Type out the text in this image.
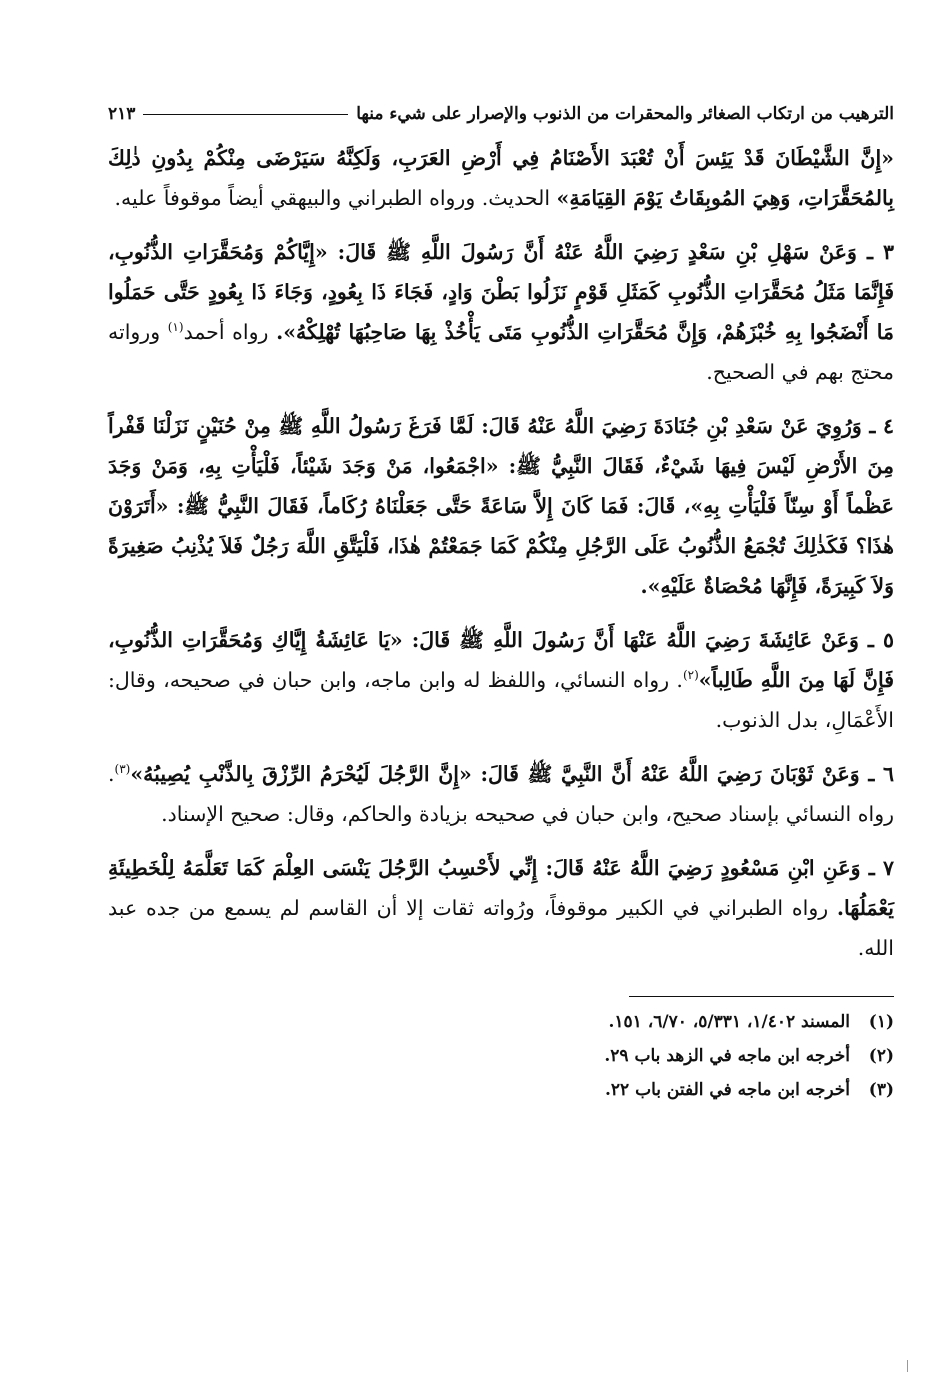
الترهيب من ارتكاب الصغائر والمحقرات من الذنوب والإصرار على شيء منها
٢١٣

«إِنَّ الشَّيْطَانَ قَدْ يَئِسَ أَنْ تُعْبَدَ الأَصْنَامُ فِي أَرْضِ العَرَبِ، وَلَكِنَّهُ سَيَرْضَى مِنْكُمْ بِدُونِ ذٰلِكَ بِالمُحَقَّرَاتِ، وَهِيَ المُوبِقَاتُ يَوْمَ القِيَامَةِ» الحديث. ورواه الطبراني والبيهقي أيضاً موقوفاً عليه.

٣ ـ وَعَنْ سَهْلِ بْنِ سَعْدٍ رَضِيَ اللَّهُ عَنْهُ أَنَّ رَسُولَ اللَّهِ ﷺ قَالَ: «إِيَّاكُمْ وَمُحَقَّرَاتِ الذُّنُوبِ، فَإِنَّمَا مَثَلُ مُحَقَّرَاتِ الذُّنُوبِ كَمَثَلِ قَوْمٍ نَزَلُوا بَطْنَ وَادٍ، فَجَاءَ ذَا بِعُودٍ، وَجَاءَ ذَا بِعُودٍ حَتَّى حَمَلُوا مَا أَنْضَجُوا بِهِ خُبْزَهُمْ، وَإِنَّ مُحَقَّرَاتِ الذُّنُوبِ مَتَى يَأْخُذْ بِهَا صَاحِبُهَا تُهْلِكْهُ». رواه أحمد$^{(١)}$ ورواته محتج بهم في الصحيح.

٤ ـ وَرُوِيَ عَنْ سَعْدِ بْنِ جُنَادَةَ رَضِيَ اللَّهُ عَنْهُ قَالَ: لَمَّا فَرَغَ رَسُولُ اللَّهِ ﷺ مِنْ حُنَيْنٍ نَزَلْنَا قَفْراً مِنَ الأَرْضِ لَيْسَ فِيهَا شَيْءٌ، فَقَالَ النَّبِيُّ ﷺ: «اجْمَعُوا، مَنْ وَجَدَ شَيْئاً، فَلْيَأْتِ بِهِ، وَمَنْ وَجَدَ عَظْماً أَوْ سِنّاً فَلْيَأْتِ بِهِ»، قَالَ: فَمَا كَانَ إِلاَّ سَاعَةً حَتَّى جَعَلْنَاهُ رُكَاماً، فَقَالَ النَّبِيُّ ﷺ: «أَتَرَوْنَ هٰذَا؟ فَكَذٰلِكَ تُجْمَعُ الذُّنُوبُ عَلَى الرَّجُلِ مِنْكُمْ كَمَا جَمَعْتُمْ هٰذَا، فَلْيَتَّقِ اللَّهَ رَجُلٌ فَلاَ يُذْنِبُ صَغِيرَةً وَلاَ كَبِيرَةً، فَإِنَّهَا مُحْصَاةٌ عَلَيْهِ».

٥ ـ وَعَنْ عَائِشَةَ رَضِيَ اللَّهُ عَنْهَا أَنَّ رَسُولَ اللَّهِ ﷺ قَالَ: «يَا عَائِشَةُ إِيَّاكِ وَمُحَقَّرَاتِ الذُّنُوبِ، فَإِنَّ لَهَا مِنَ اللَّهِ طَالِباً»$^{(٢)}$. رواه النسائي، واللفظ له وابن ماجه، وابن حبان في صحيحه، وقال: الأَعْمَالِ، بدل الذنوب.

٦ ـ وَعَنْ ثَوْبَانَ رَضِيَ اللَّهُ عَنْهُ أَنَّ النَّبِيَّ ﷺ قَالَ: «إِنَّ الرَّجُلَ لَيُحْرَمُ الرِّزْقَ بِالذَّنْبِ يُصِيبُهُ»$^{(٣)}$. رواه النسائي بإسناد صحيح، وابن حبان في صحيحه بزيادة والحاكم، وقال: صحيح الإسناد.

٧ ـ وَعَنِ ابْنِ مَسْعُودٍ رَضِيَ اللَّهُ عَنْهُ قَالَ: إِنِّي لأَحْسِبُ الرَّجُلَ يَنْسَى العِلْمَ كَمَا تَعَلَّمَهُ لِلْخَطِيئَةِ يَعْمَلُهَا. رواه الطبراني في الكبير موقوفاً، ورُواته ثقات إلا أن القاسم لم يسمع من جده عبد الله.

(١)
المسند ١/٤٠٢، ٥/٣٣١، ٦/٧٠، ١٥١.
(٢)
أخرجه ابن ماجه في الزهد باب ٢٩.
(٣)
أخرجه ابن ماجه في الفتن باب ٢٢.
